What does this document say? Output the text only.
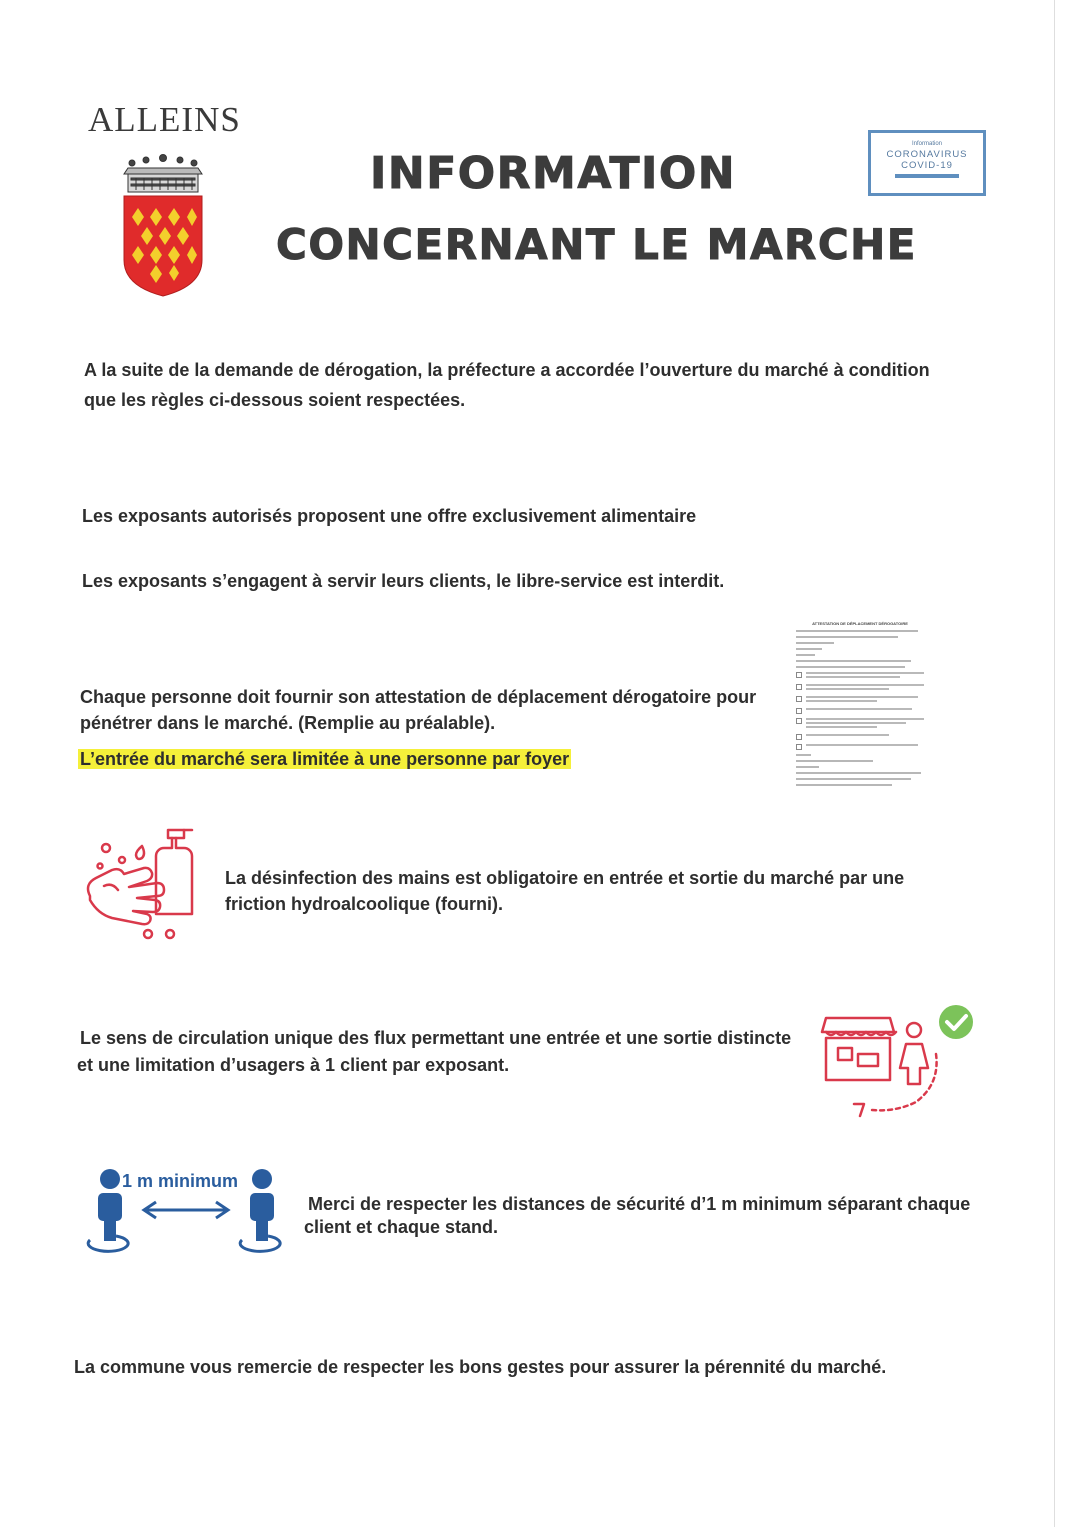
ALLEINS
INFORMATION
CONCERNANT LE MARCHE
Information
CORONAVIRUS
COVID-19
A la suite de la demande de dérogation, la préfecture a accordée l’ouverture du marché à condition
que les règles ci-dessous soient respectées.
Les exposants autorisés proposent une offre exclusivement alimentaire
Les exposants s’engagent à servir leurs clients, le libre-service est interdit.
Chaque personne doit fournir son attestation de déplacement dérogatoire pour
pénétrer dans le marché. (Remplie au préalable).
L’entrée du marché sera limitée à une personne par foyer
ATTESTATION DE DÉPLACEMENT DÉROGATOIRE
La désinfection des mains est obligatoire en entrée et sortie du marché par une
friction hydroalcoolique (fourni).
Le sens de circulation unique des flux permettant une entrée et une sortie distincte
et une limitation d’usagers à 1 client par exposant.
1 m minimum
Merci de respecter les distances de sécurité d’1 m minimum séparant chaque
client et chaque stand.
La commune vous remercie de respecter les bons gestes pour assurer la pérennité du marché.
